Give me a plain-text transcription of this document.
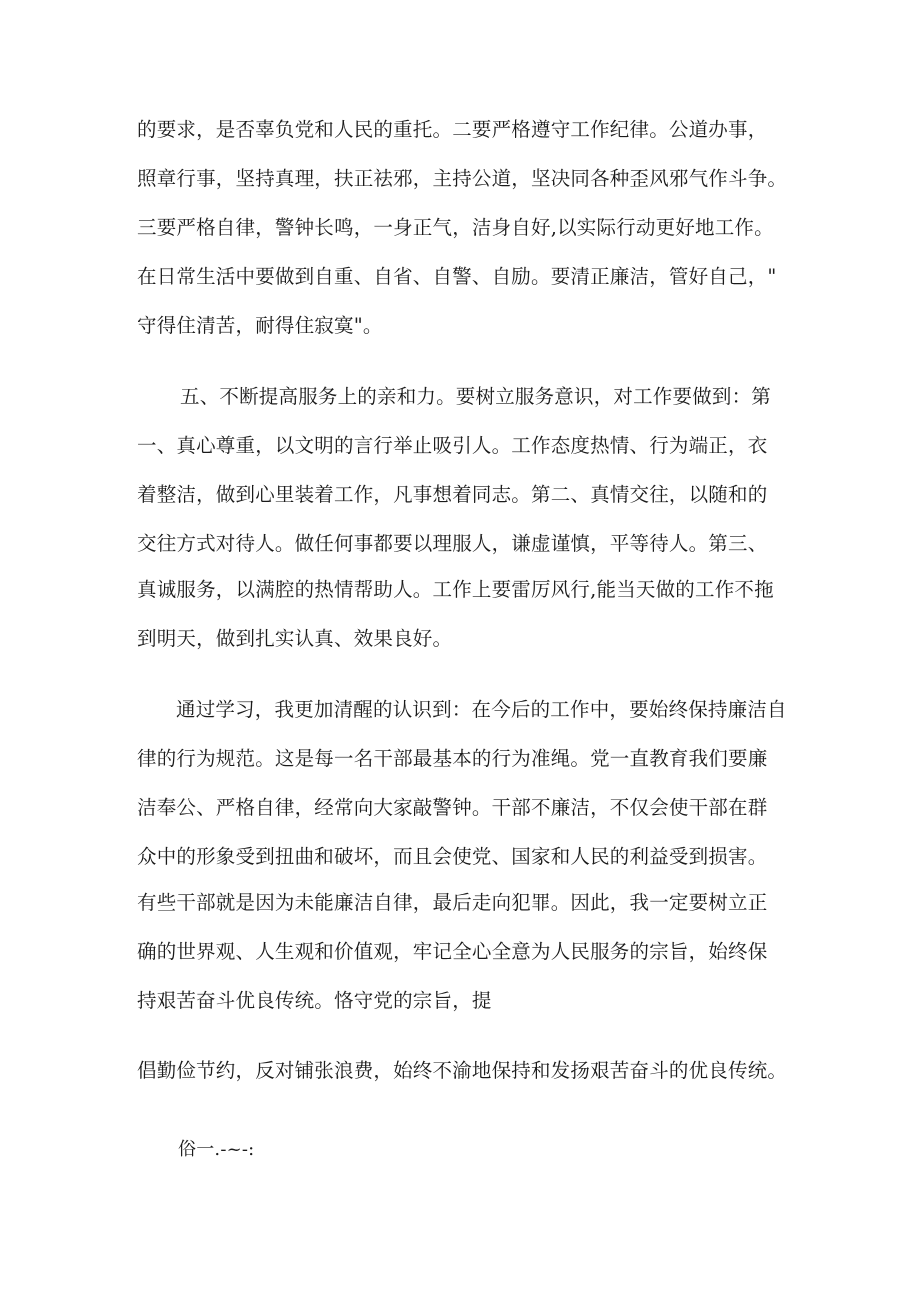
的要求，是否辜负党和人民的重托。二要严格遵守工作纪律。公道办事，
照章行事，坚持真理，扶正祛邪，主持公道，坚决同各种歪风邪气作斗争。
三要严格自律，警钟长鸣，一身正气，洁身自好,以实际行动更好地工作。
在日常生活中要做到自重、自省、自警、自励。要清正廉洁，管好自己，"
守得住清苦，耐得住寂寞"。
五、不断提高服务上的亲和力。要树立服务意识，对工作要做到：第
一、真心尊重，以文明的言行举止吸引人。工作态度热情、行为端正，衣
着整洁，做到心里装着工作，凡事想着同志。第二、真情交往，以随和的
交往方式对待人。做任何事都要以理服人，谦虚谨慎，平等待人。第三、
真诚服务，以满腔的热情帮助人。工作上要雷厉风行,能当天做的工作不拖
到明天，做到扎实认真、效果良好。
通过学习，我更加清醒的认识到：在今后的工作中，要始终保持廉洁自
律的行为规范。这是每一名干部最基本的行为准绳。党一直教育我们要廉
洁奉公、严格自律，经常向大家敲警钟。干部不廉洁，不仅会使干部在群
众中的形象受到扭曲和破坏，而且会使党、国家和人民的利益受到损害。
有些干部就是因为未能廉洁自律，最后走向犯罪。因此，我一定要树立正
确的世界观、人生观和价值观，牢记全心全意为人民服务的宗旨，始终保
持艰苦奋斗优良传统。恪守党的宗旨，提
倡勤俭节约，反对铺张浪费，始终不渝地保持和发扬艰苦奋斗的优良传统。
俗一.-~-:
